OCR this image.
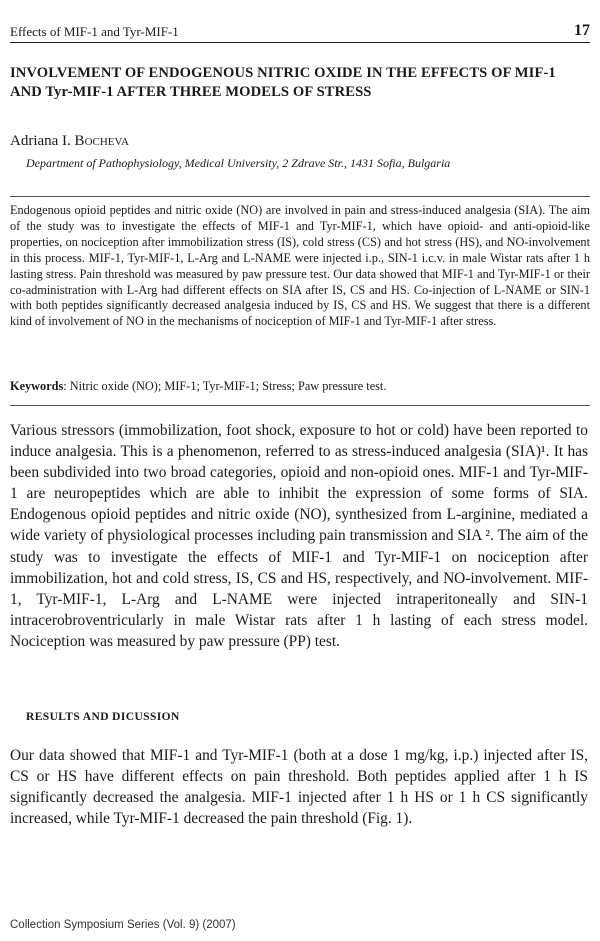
Effects of MIF-1 and Tyr-MIF-1	17
INVOLVEMENT OF ENDOGENOUS NITRIC OXIDE IN THE EFFECTS OF MIF-1 AND Tyr-MIF-1 AFTER THREE MODELS OF STRESS
Adriana I. Bocheva
Department of Pathophysiology, Medical University, 2 Zdrave Str., 1431 Sofia, Bulgaria

Endogenous opioid peptides and nitric oxide (NO) are involved in pain and stress-induced analgesia (SIA). The aim of the study was to investigate the effects of MIF-1 and Tyr-MIF-1, which have opioid- and anti-opioid-like properties, on nociception after immobilization stress (IS), cold stress (CS) and hot stress (HS), and NO-involvement in this process. MIF-1, Tyr-MIF-1, L-Arg and L-NAME were injected i.p., SIN-1 i.c.v. in male Wistar rats after 1 h lasting stress. Pain threshold was measured by paw pressure test. Our data showed that MIF-1 and Tyr-MIF-1 or their co-administration with L-Arg had different effects on SIA after IS, CS and HS. Co-injection of L-NAME or SIN-1 with both peptides significantly decreased analgesia induced by IS, CS and HS. We suggest that there is a different kind of involvement of NO in the mechanisms of nociception of MIF-1 and Tyr-MIF-1 after stress.

Keywords: Nitric oxide (NO); MIF-1; Tyr-MIF-1; Stress; Paw pressure test.

Various stressors (immobilization, foot shock, exposure to hot or cold) have been reported to induce analgesia. This is a phenomenon, referred to as stress-induced analgesia (SIA)¹. It has been subdivided into two broad categories, opioid and non-opioid ones. MIF-1 and Tyr-MIF-1 are neuropeptides which are able to inhibit the expression of some forms of SIA. Endogenous opioid peptides and nitric oxide (NO), synthesized from L-arginine, mediated a wide variety of physiological processes including pain transmission and SIA ². The aim of the study was to investigate the effects of MIF-1 and Tyr-MIF-1 on nociception after immobilization, hot and cold stress, IS, CS and HS, respectively, and NO-involvement. MIF-1, Tyr-MIF-1, L-Arg and L-NAME were injected intraperitoneally and SIN-1 intracerobroventricularly in male Wistar rats after 1 h lasting of each stress model. Nociception was measured by paw pressure (PP) test.

RESULTS AND DICUSSION

Our data showed that MIF-1 and Tyr-MIF-1 (both at a dose 1 mg/kg, i.p.) injected after IS, CS or HS have different effects on pain threshold. Both peptides applied after 1 h IS significantly decreased the analgesia. MIF-1 injected after 1 h HS or 1 h CS significantly increased, while Tyr-MIF-1 decreased the pain threshold (Fig. 1).

Collection Symposium Series (Vol. 9) (2007)
